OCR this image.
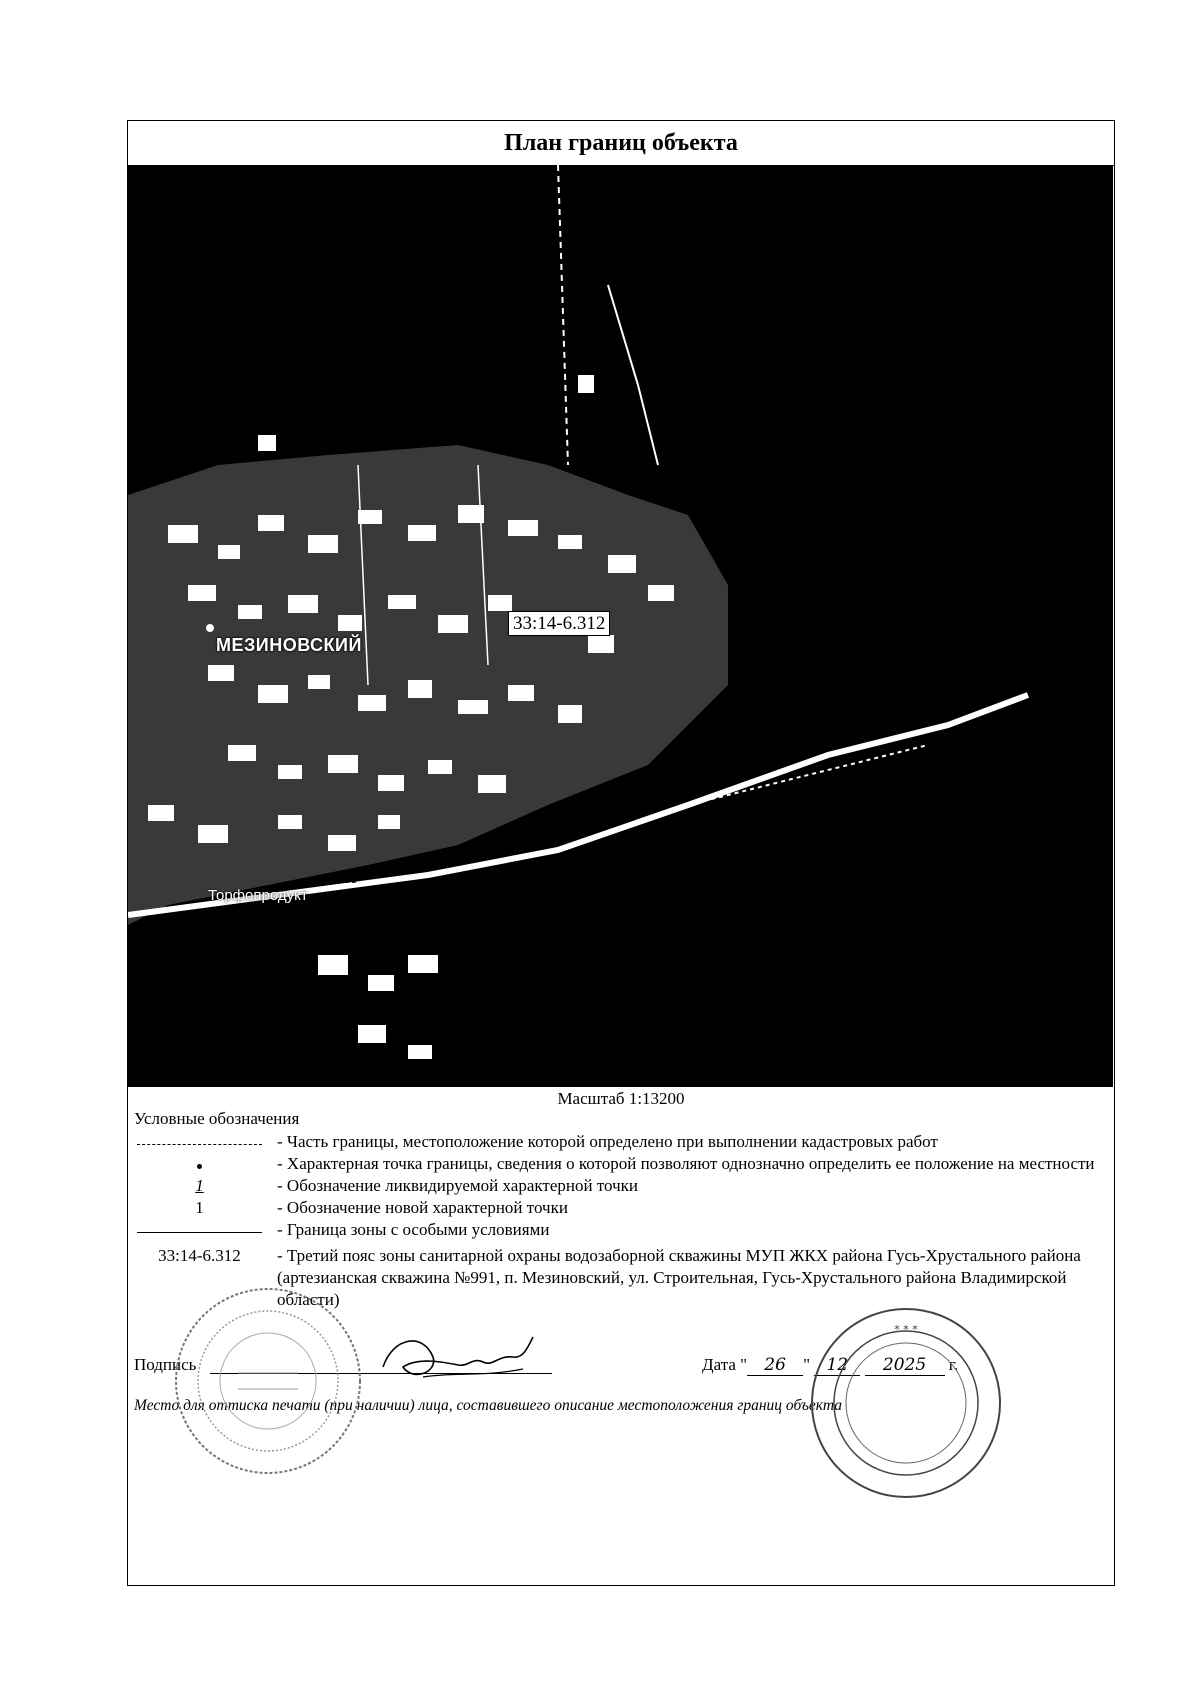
План границ объекта
33:14-6.312
МЕЗИНОВСКИЙ
60
Торфопродукт
Масштаб 1:13200
Условные обозначения
- Часть границы, местоположение которой определено при выполнении кадастровых работ
- Характерная точка границы, сведения о которой позволяют однозначно определить ее положение на местности
1	- Обозначение ликвидируемой характерной точки
1	- Обозначение новой характерной точки
- Граница зоны с особыми условиями
33:14-6.312	- Третий пояс зоны санитарной охраны водозаборной скважины МУП ЖКХ района Гусь-Хрустального района (артезианская скважина №991, п. Мезиновский, ул. Строительная, Гусь-Хрустального района Владимирской области)
Подпись	Дата " 26 " 12 2025 г.
Место для оттиска печати (при наличии) лица, составившего описание местоположения границ объекта
* * *
